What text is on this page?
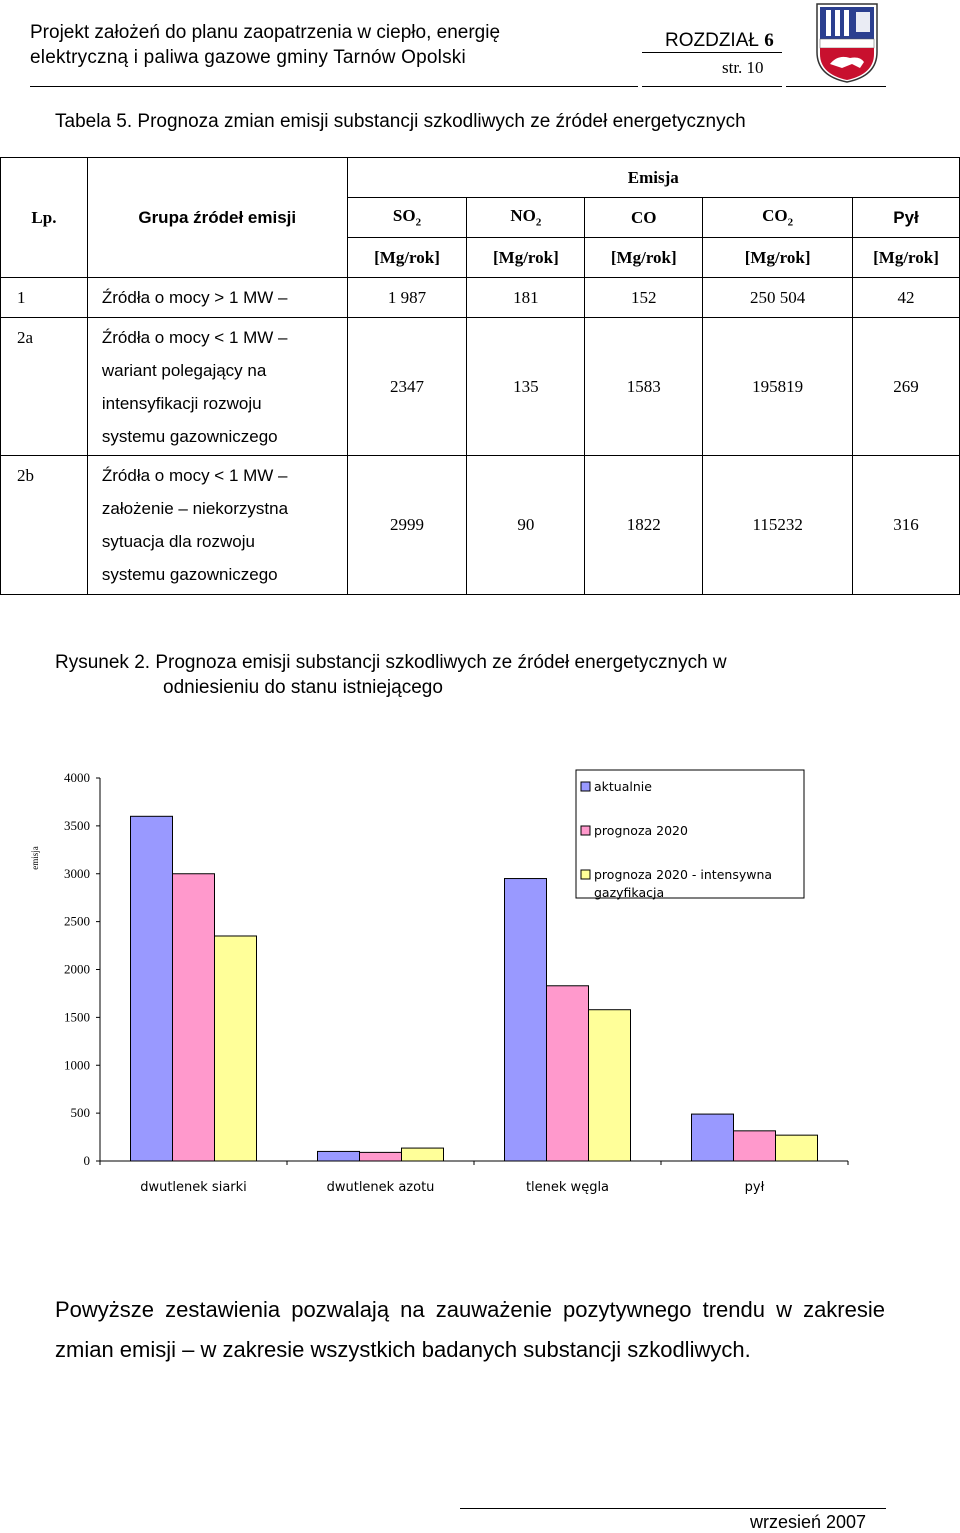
Projekt założeń do planu zaopatrzenia w ciepło, energię
elektryczną i paliwa gazowe gminy Tarnów Opolski
ROZDZIAŁ 6
str. 10
Tabela 5. Prognoza zmian emisji substancji szkodliwych ze źródeł energetycznych
Lp.	Grupa źródeł emisji	Emisja				
		$SO_2$	$NO_2$	CO	$CO_2$	Pył
		[Mg/rok]	[Mg/rok]	[Mg/rok]	[Mg/rok]	[Mg/rok]
1	Źródła o mocy > 1 MW –	1 987	181	152	250 504	42
2a	Źródła o mocy < 1 MW –
wariant polegający na
intensyfikacji rozwoju
systemu gazowniczego	2347	135	1583	195819	269
2b	Źródła o mocy < 1 MW –
założenie – niekorzystna
sytuacja dla rozwoju
systemu gazowniczego	2999	90	1822	115232	316
Rysunek 2. Prognoza emisji substancji szkodliwych ze źródeł energetycznych w
odniesieniu do stanu istniejącego
4000
3500
3000
2500
2000
1500
1000
500
0
emisja
dwutlenek siarki	dwutlenek azotu	tlenek węgla	pył
aktualnie
prognoza 2020
prognoza 2020 - intensywna
gazyfikacja
Powyższe zestawienia pozwalają na zauważenie pozytywnego trendu w zakresie zmian emisji – w zakresie wszystkich badanych substancji szkodliwych.
wrzesień 2007
